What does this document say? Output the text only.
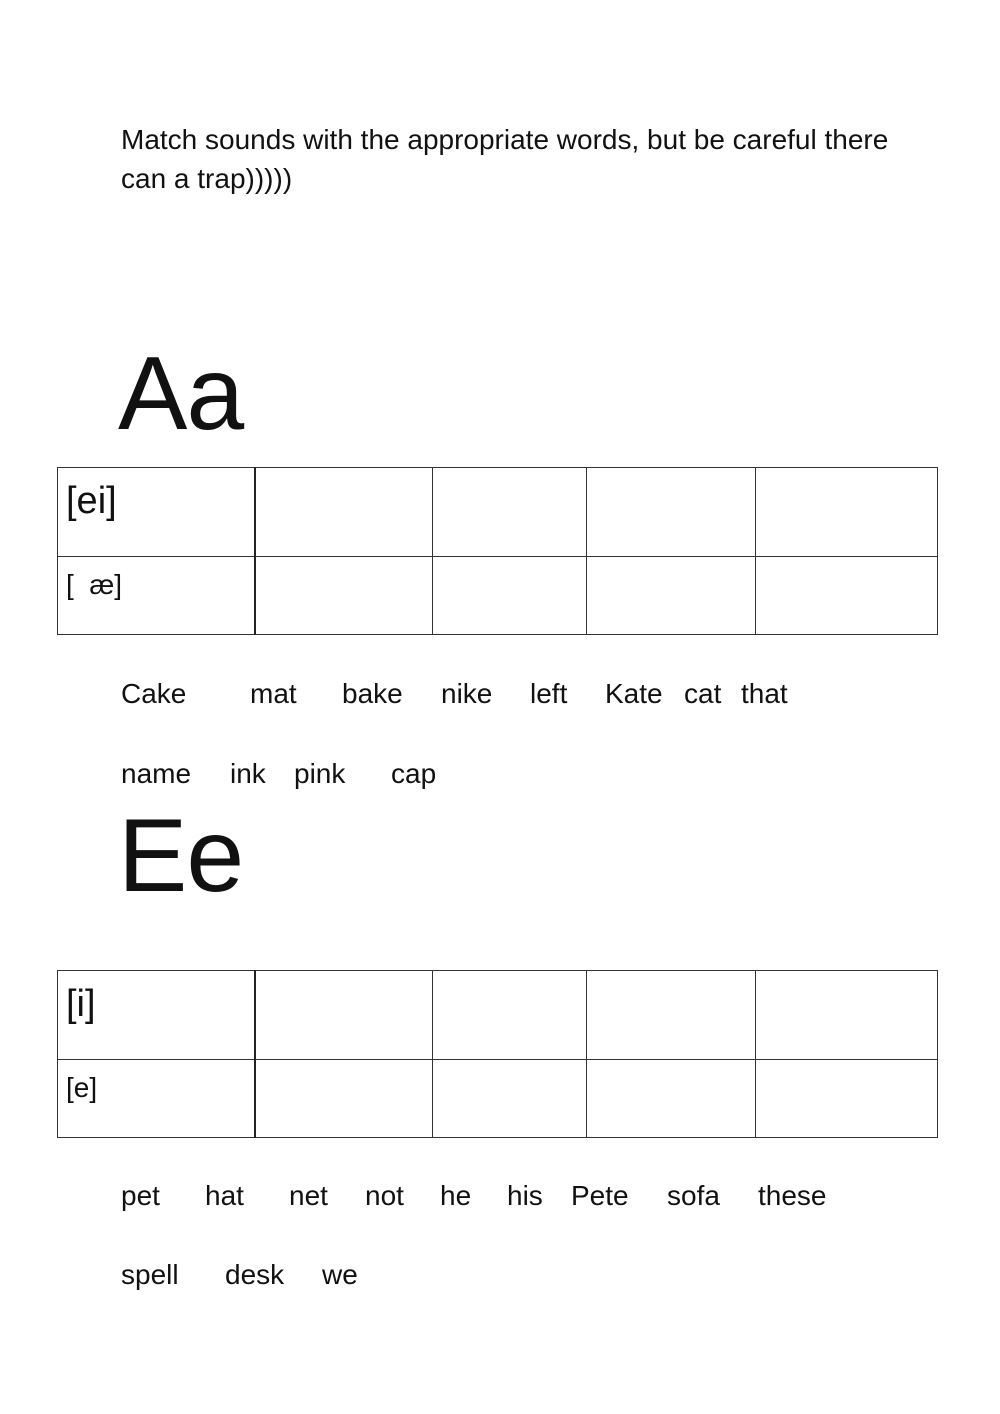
Match sounds with the appropriate words, but be careful there can a trap)))))

Aa
[ei]				

[  æ]				

Cake mat bake nike left Kate cat that
name ink pink cap
Ee
[i]				

[e]				

pet hat net not he his Pete sofa these
spell desk we
